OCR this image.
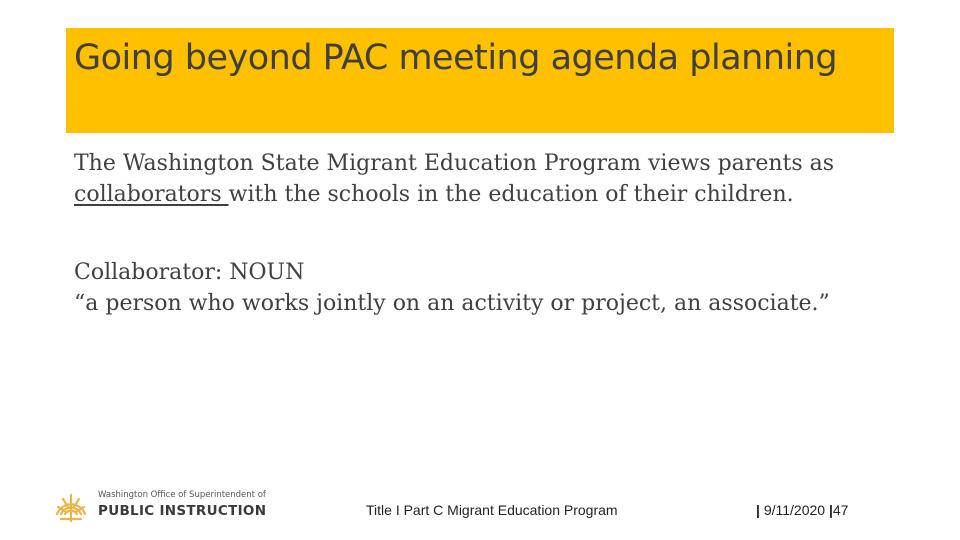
Going beyond PAC meeting agenda planning
The Washington State Migrant Education Program views parents as collaborators with the schools in the education of their children.

Collaborator: NOUN

“a person who works jointly on an activity or project, an associate.”

Washington Office of Superintendent of
PUBLIC INSTRUCTION	Title I Part C Migrant Education Program	| 9/11/2020 |47
